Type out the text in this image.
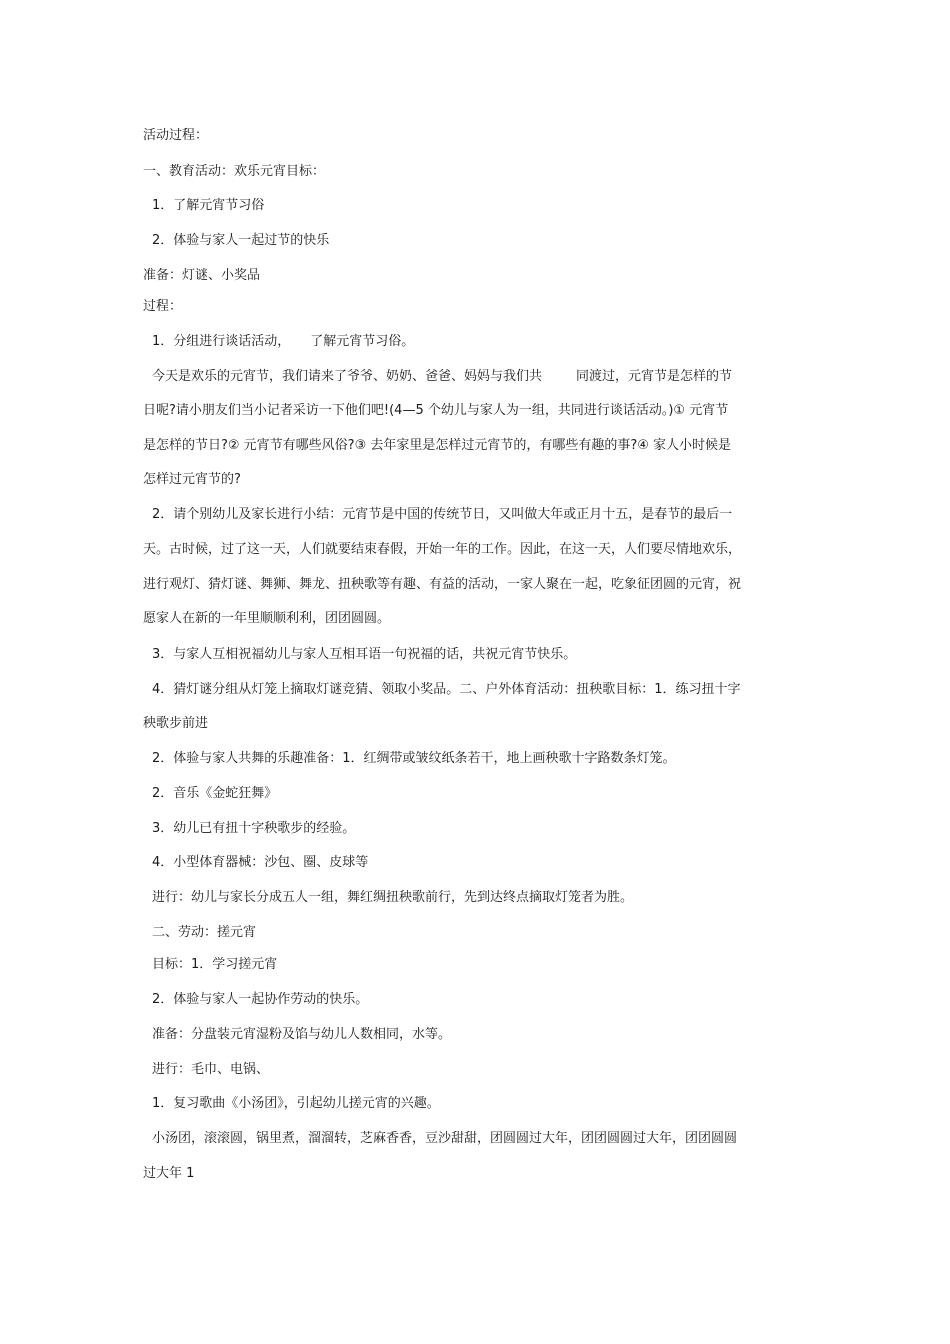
活动过程：
一、教育活动：欢乐元宵目标：
1．了解元宵节习俗
2．体验与家人一起过节的快乐
准备：灯谜、小奖品
过程：
1．分组进行谈话活动， 了解元宵节习俗。
今天是欢乐的元宵节，我们请来了爷爷、奶奶、爸爸、妈妈与我们共	同渡过，元宵节是怎样的节
日呢?请小朋友们当小记者采访一下他们吧!(4—5 个幼儿与家人为一组，共同进行谈话活动。)① 元宵节
是怎样的节日?② 元宵节有哪些风俗?③ 去年家里是怎样过元宵节的，有哪些有趣的事?④ 家人小时候是
怎样过元宵节的?
2．请个别幼儿及家长进行小结：元宵节是中国的传统节日，又叫做大年或正月十五，是春节的最后一
天。古时候，过了这一天，人们就要结束春假，开始一年的工作。因此，在这一天，人们要尽情地欢乐，
进行观灯、猜灯谜、舞狮、舞龙、扭秧歌等有趣、有益的活动，一家人聚在一起，吃象征团圆的元宵，祝
愿家人在新的一年里顺顺利利，团团圆圆。
3．与家人互相祝福幼儿与家人互相耳语一句祝福的话，共祝元宵节快乐。
4．猜灯谜分组从灯笼上摘取灯谜竞猜、领取小奖品。二、户外体育活动：扭秧歌目标：1．练习扭十字
秧歌步前进
2．体验与家人共舞的乐趣准备：1．红绸带或皱纹纸条若干，地上画秧歌十字路数条灯笼。
2．音乐《金蛇狂舞》
3．幼儿已有扭十字秧歌步的经验。
4．小型体育器械：沙包、圈、皮球等
进行：幼儿与家长分成五人一组，舞红绸扭秧歌前行，先到达终点摘取灯笼者为胜。
二、劳动：搓元宵
目标：1．学习搓元宵
2．体验与家人一起协作劳动的快乐。
准备：分盘装元宵湿粉及馅与幼儿人数相同，水等。
进行：毛巾、电锅、
1．复习歌曲《小汤团》，引起幼儿搓元宵的兴趣。
小汤团，滚滚圆，锅里煮，溜溜转，芝麻香香，豆沙甜甜，团圆圆过大年，团团圆圆过大年，团团圆圆
过大年 1
